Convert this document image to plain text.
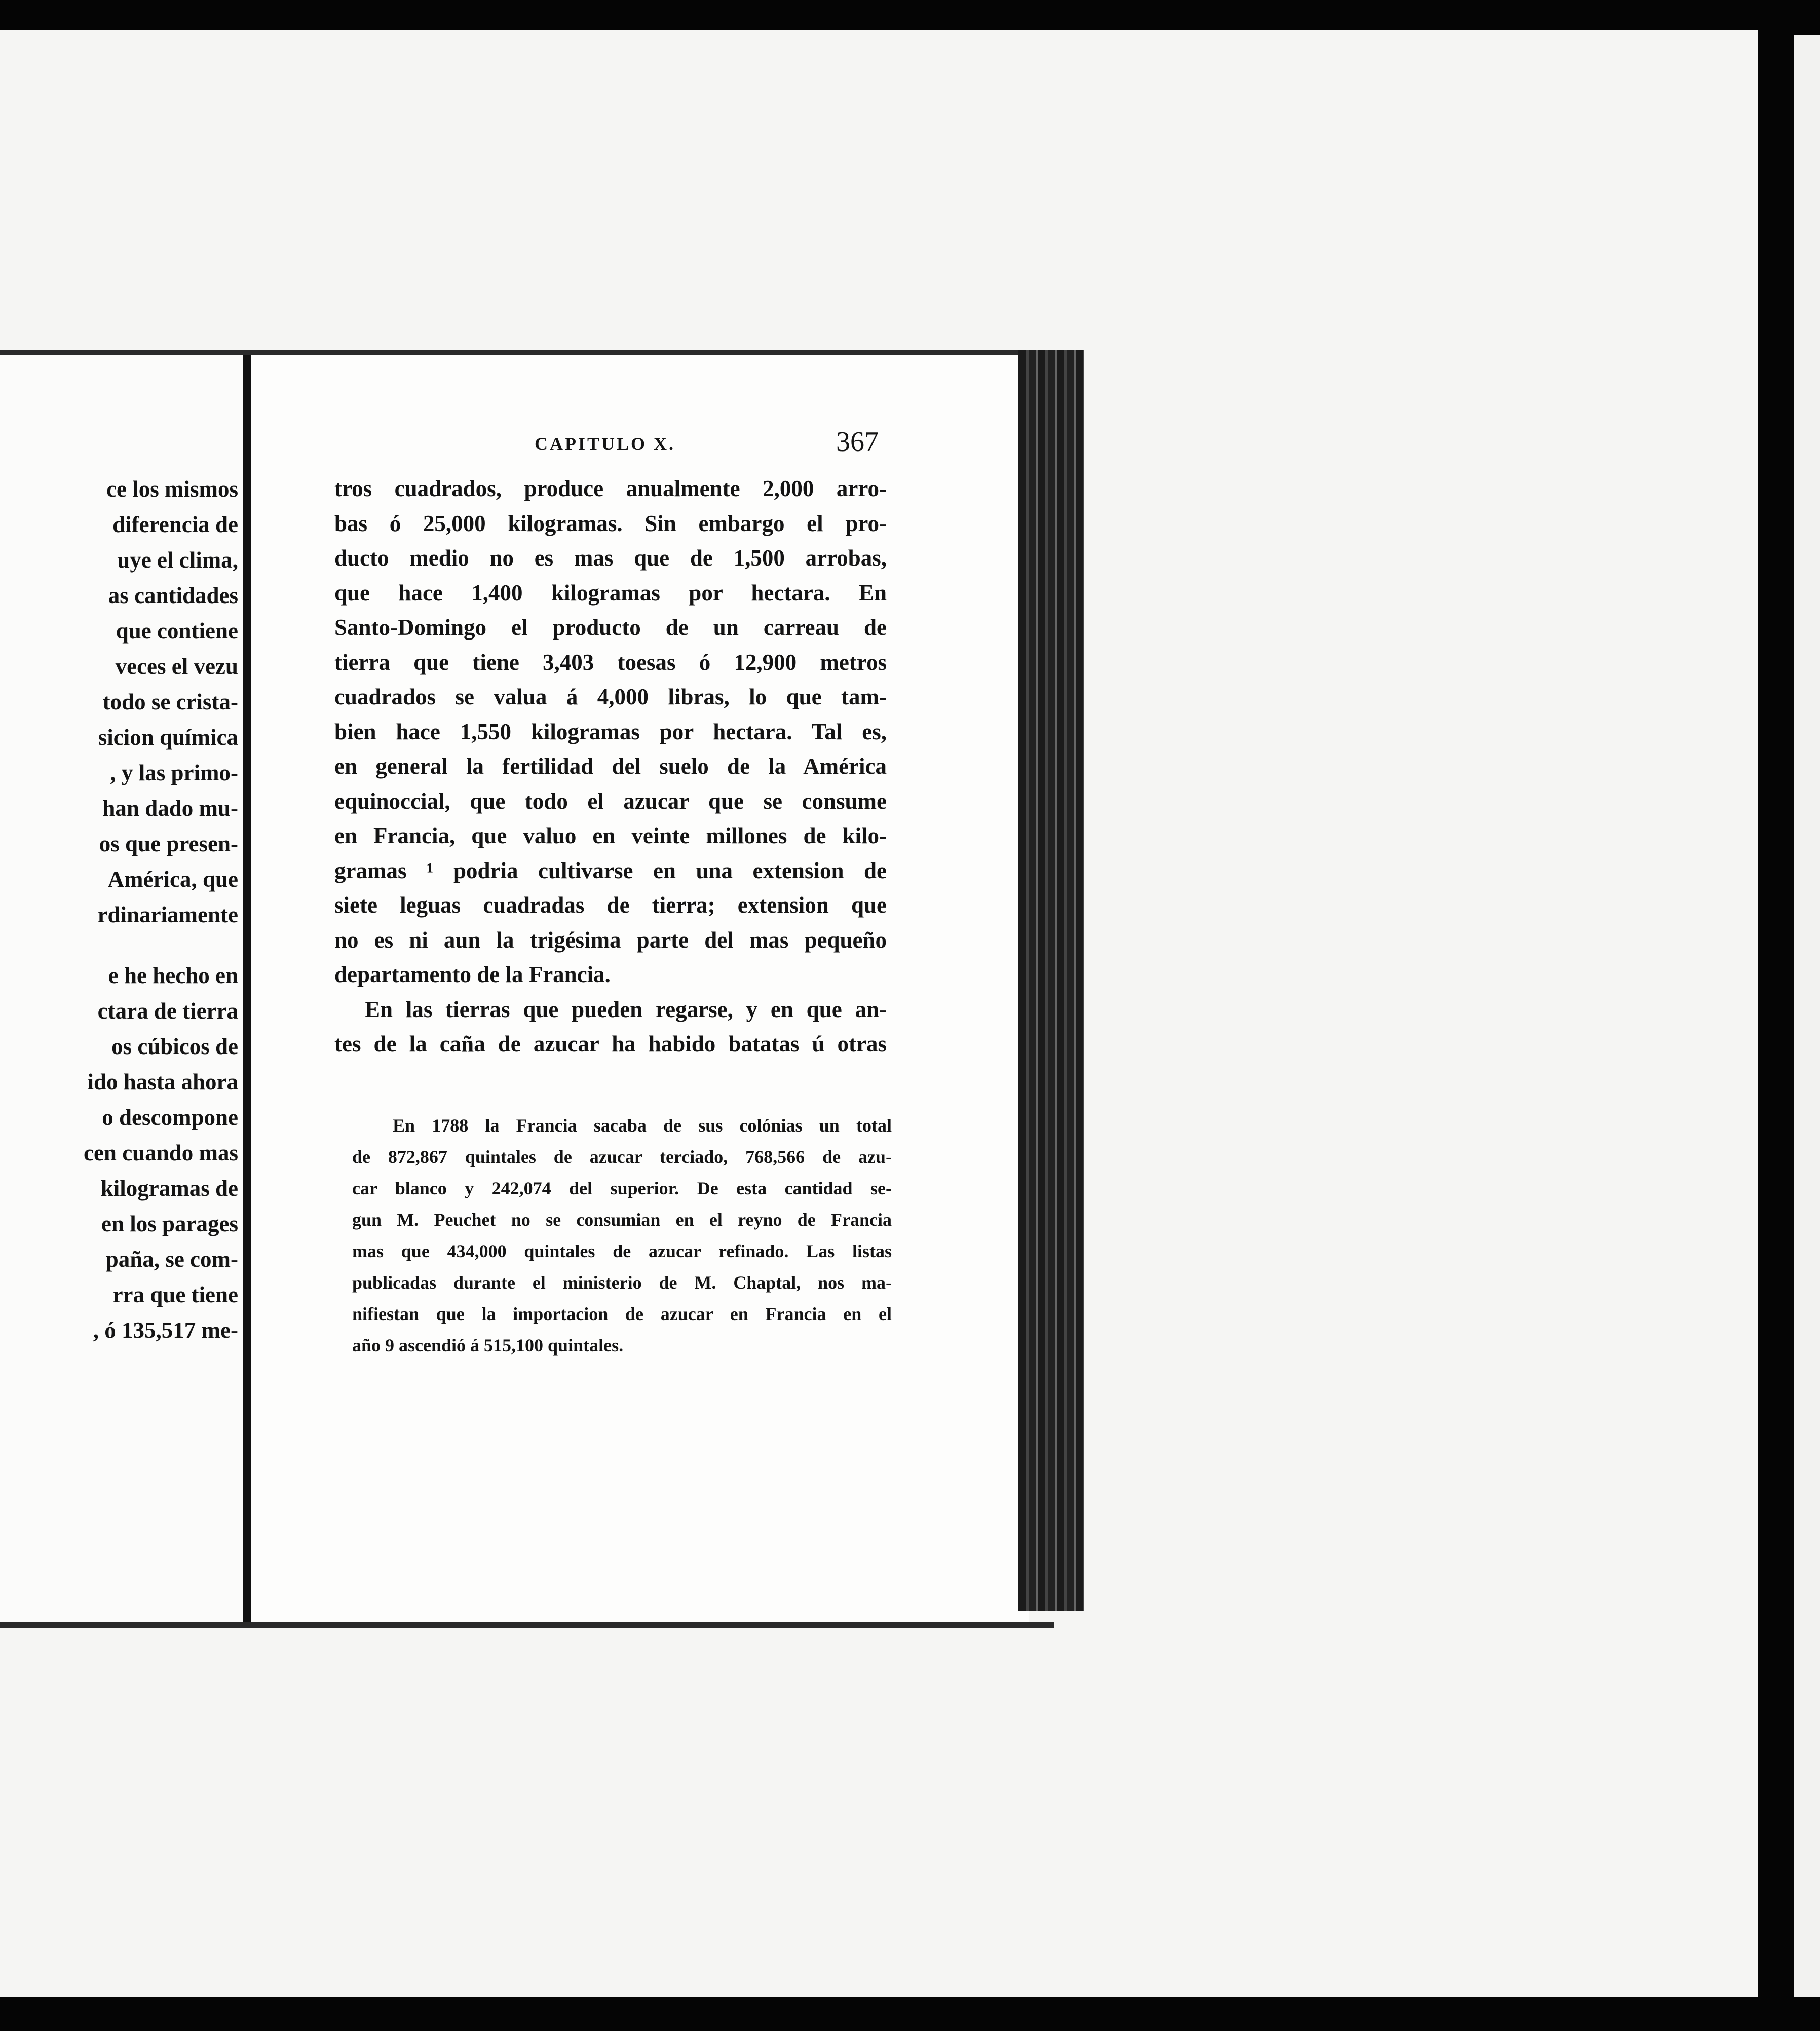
ce los mismos
diferencia de
uye el clima,
as cantidades
que contiene
veces el vezu
todo se crista-
sicion química
, y las primo-
han dado mu-
os que presen-
América, que
rdinariamente
e he hecho en
ctara de tierra
os cúbicos de
ido hasta ahora
o descompone
cen cuando mas
kilogramas de
en los parages
paña, se com-
rra que tiene
, ó 135,517 me-
CAPITULO X.	367
tros cuadrados, produce anualmente 2,000 arro-
bas ó 25,000 kilogramas. Sin embargo el pro-
ducto medio no es mas que de 1,500 arrobas,
que hace 1,400 kilogramas por hectara. En
Santo-Domingo el producto de un carreau de
tierra que tiene 3,403 toesas ó 12,900 metros
cuadrados se valua á 4,000 libras, lo que tam-
bien hace 1,550 kilogramas por hectara. Tal es,
en general la fertilidad del suelo de la América
equinoccial, que todo el azucar que se consume
en Francia, que valuo en veinte millones de kilo-
gramas ¹ podria cultivarse en una extension de
siete leguas cuadradas de tierra; extension que
no es ni aun la trigésima parte del mas pequeño
departamento de la Francia.
En las tierras que pueden regarse, y en que an-
tes de la caña de azucar ha habido batatas ú otras
En 1788 la Francia sacaba de sus colónias un total
de 872,867 quintales de azucar terciado, 768,566 de azu-
car blanco y 242,074 del superior. De esta cantidad se-
gun M. Peuchet no se consumian en el reyno de Francia
mas que 434,000 quintales de azucar refinado. Las listas
publicadas durante el ministerio de M. Chaptal, nos ma-
nifiestan que la importacion de azucar en Francia en el
año 9 ascendió á 515,100 quintales.
